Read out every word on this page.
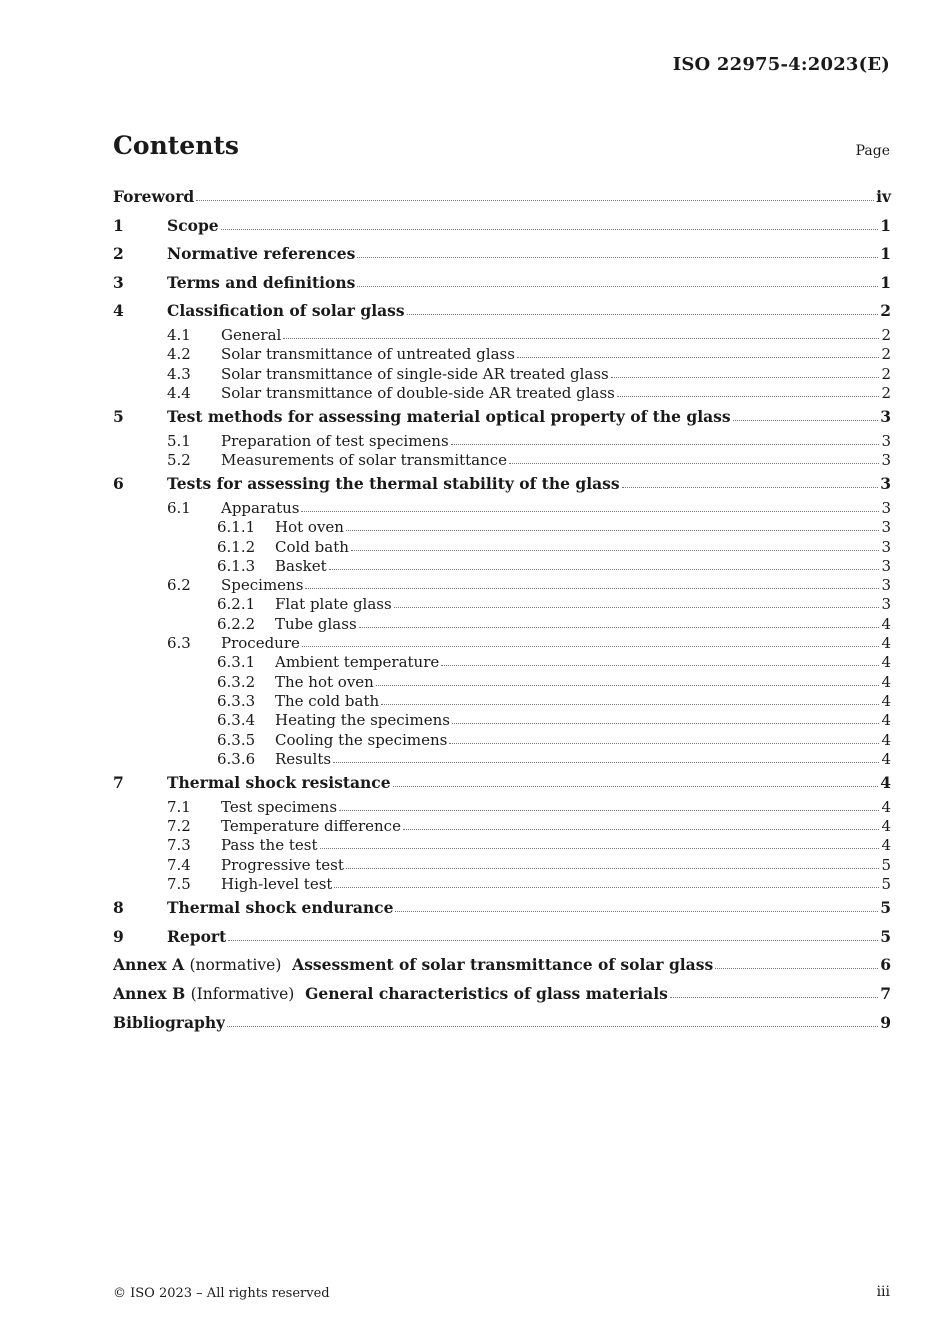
ISO 22975-4:2023(E)
Contents	Page
Foreword	iv
1	Scope	1
2	Normative references	1
3	Terms and definitions	1
4	Classification of solar glass	2
4.1	General	2
4.2	Solar transmittance of untreated glass	2
4.3	Solar transmittance of single-side AR treated glass	2
4.4	Solar transmittance of double-side AR treated glass	2
5	Test methods for assessing material optical property of the glass	3
5.1	Preparation of test specimens	3
5.2	Measurements of solar transmittance	3
6	Tests for assessing the thermal stability of the glass	3
6.1	Apparatus	3
6.1.1	Hot oven	3
6.1.2	Cold bath	3
6.1.3	Basket	3
6.2	Specimens	3
6.2.1	Flat plate glass	3
6.2.2	Tube glass	4
6.3	Procedure	4
6.3.1	Ambient temperature	4
6.3.2	The hot oven	4
6.3.3	The cold bath	4
6.3.4	Heating the specimens	4
6.3.5	Cooling the specimens	4
6.3.6	Results	4
7	Thermal shock resistance	4
7.1	Test specimens	4
7.2	Temperature difference	4
7.3	Pass the test	4
7.4	Progressive test	5
7.5	High-level test	5
8	Thermal shock endurance	5
9	Report	5
Annex A (normative) Assessment of solar transmittance of solar glass	6
Annex B (Informative) General characteristics of glass materials	7
Bibliography	9
© ISO 2023 – All rights reserved	iii
